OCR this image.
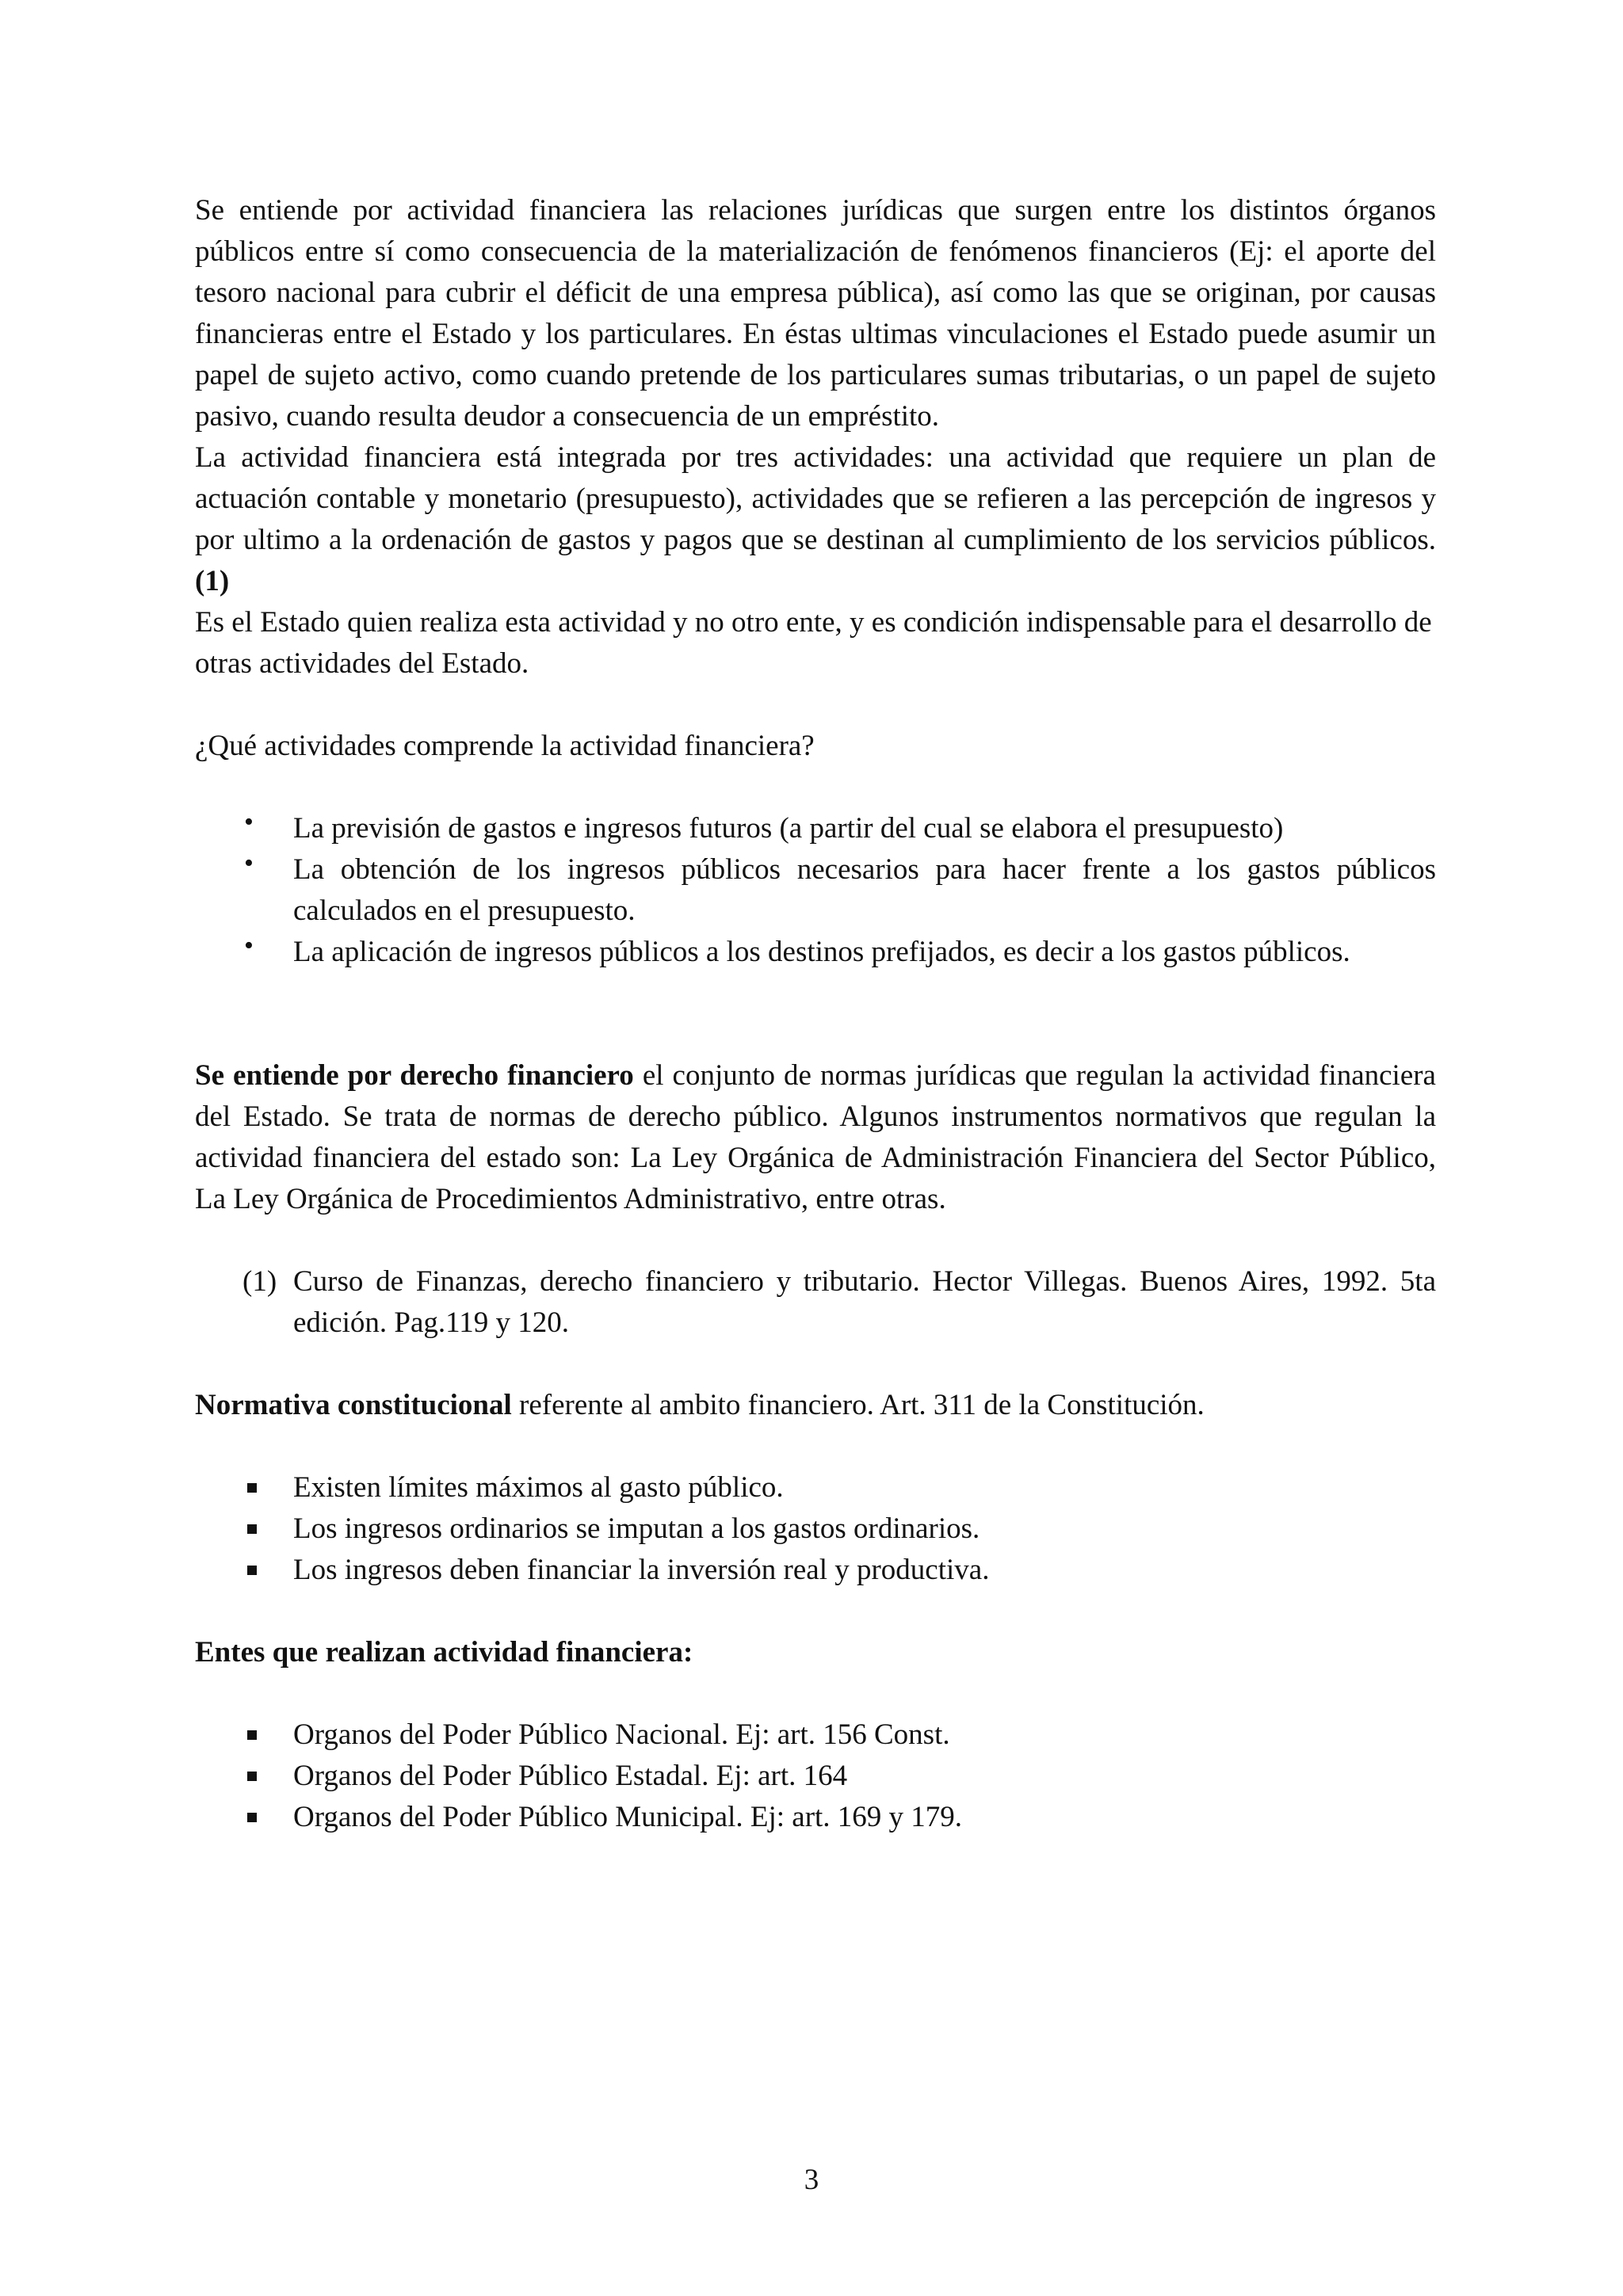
Se entiende por actividad financiera las relaciones jurídicas que surgen entre los distintos órganos públicos entre sí como consecuencia de la materialización de fenómenos financieros (Ej: el aporte del tesoro nacional para cubrir el déficit de una empresa pública), así como las que se originan, por causas financieras entre el Estado y los particulares. En éstas ultimas vinculaciones el Estado puede asumir un papel de sujeto activo, como cuando pretende de los particulares sumas tributarias, o un papel de sujeto pasivo, cuando resulta deudor a consecuencia de un empréstito.

La actividad financiera está integrada por tres actividades: una actividad que requiere un plan de actuación contable y monetario (presupuesto), actividades que se refieren a las percepción de ingresos y por ultimo a la ordenación de gastos y pagos que se destinan al cumplimiento de los servicios públicos. (1)

Es el Estado quien realiza esta actividad y no otro ente, y es condición indispensable para el desarrollo de otras actividades del Estado.

¿Qué actividades comprende la actividad financiera?

• La previsión de gastos e ingresos futuros (a partir del cual se elabora el presupuesto)
• La obtención de los ingresos públicos necesarios para hacer frente a los gastos públicos calculados en el presupuesto.
• La aplicación de ingresos públicos a los destinos prefijados, es decir a los gastos públicos.

Se entiende por derecho financiero el conjunto de normas jurídicas que regulan la actividad financiera del Estado. Se trata de normas de derecho público. Algunos instrumentos normativos que regulan la actividad financiera del estado son: La Ley Orgánica de Administración Financiera del Sector Público, La Ley Orgánica de Procedimientos Administrativo, entre otras.

(1) Curso de Finanzas, derecho financiero y tributario. Hector Villegas. Buenos Aires, 1992. 5ta edición. Pag.119 y 120.

Normativa constitucional referente al ambito financiero. Art. 311 de la Constitución.

Existen límites máximos al gasto público.
Los ingresos ordinarios se imputan a los gastos ordinarios.
Los ingresos deben financiar la inversión real y productiva.

Entes que realizan actividad financiera:

Organos del Poder Público Nacional. Ej: art. 156 Const.
Organos del Poder Público Estadal. Ej: art. 164
Organos del Poder Público Municipal. Ej: art. 169 y 179.
3
